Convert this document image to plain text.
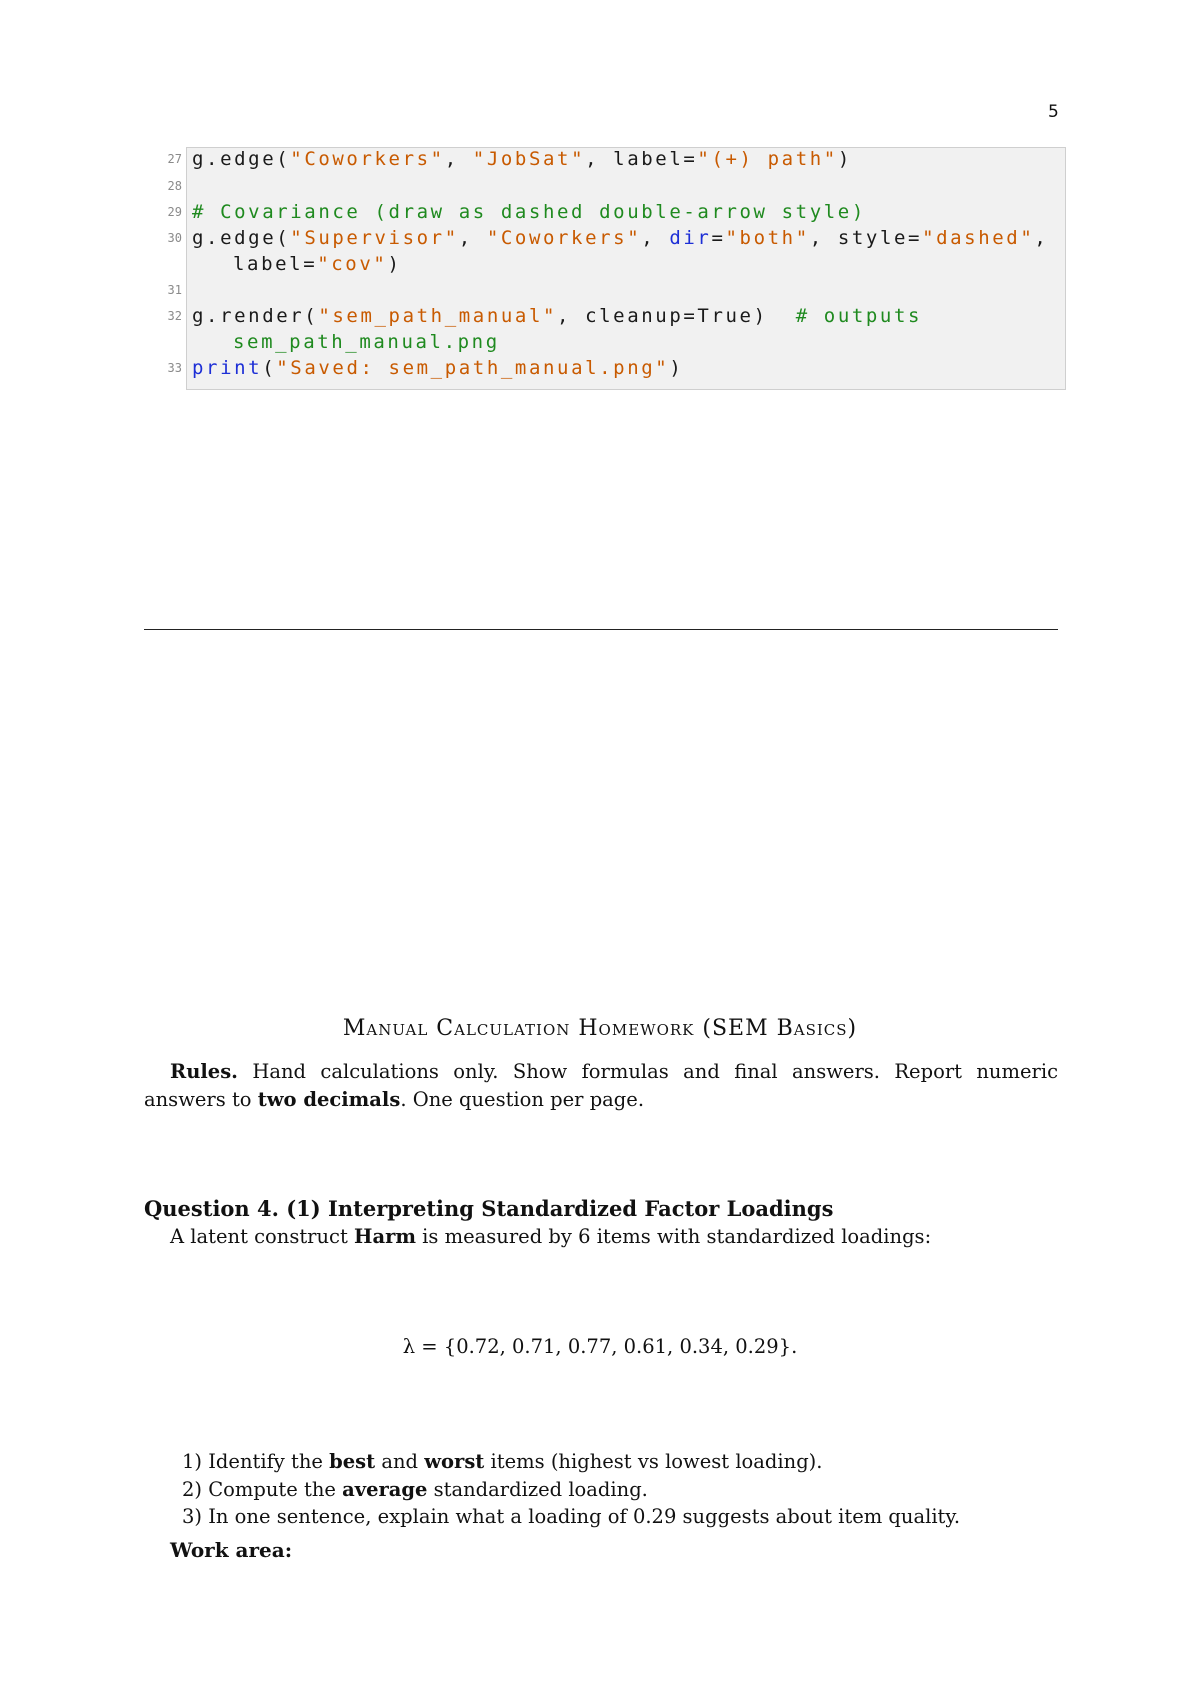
5
27 g.edge("Coworkers", "JobSat", label="(+) path")
28
29 # Covariance (draw as dashed double-arrow style)
30 g.edge("Supervisor", "Coworkers", dir="both", style="dashed",
label="cov")
31
32 g.render("sem_path_manual", cleanup=True)  # outputs
sem_path_manual.png
33 print("Saved: sem_path_manual.png")
Manual Calculation Homework (SEM Basics)
Rules. Hand calculations only. Show formulas and final answers. Report numeric answers to two decimals. One question per page.
Question 4. (1) Interpreting Standardized Factor Loadings
A latent construct Harm is measured by 6 items with standardized loadings:
λ = {0.72, 0.71, 0.77, 0.61, 0.34, 0.29}.
1) Identify the best and worst items (highest vs lowest loading).
2) Compute the average standardized loading.
3) In one sentence, explain what a loading of 0.29 suggests about item quality.
Work area:
